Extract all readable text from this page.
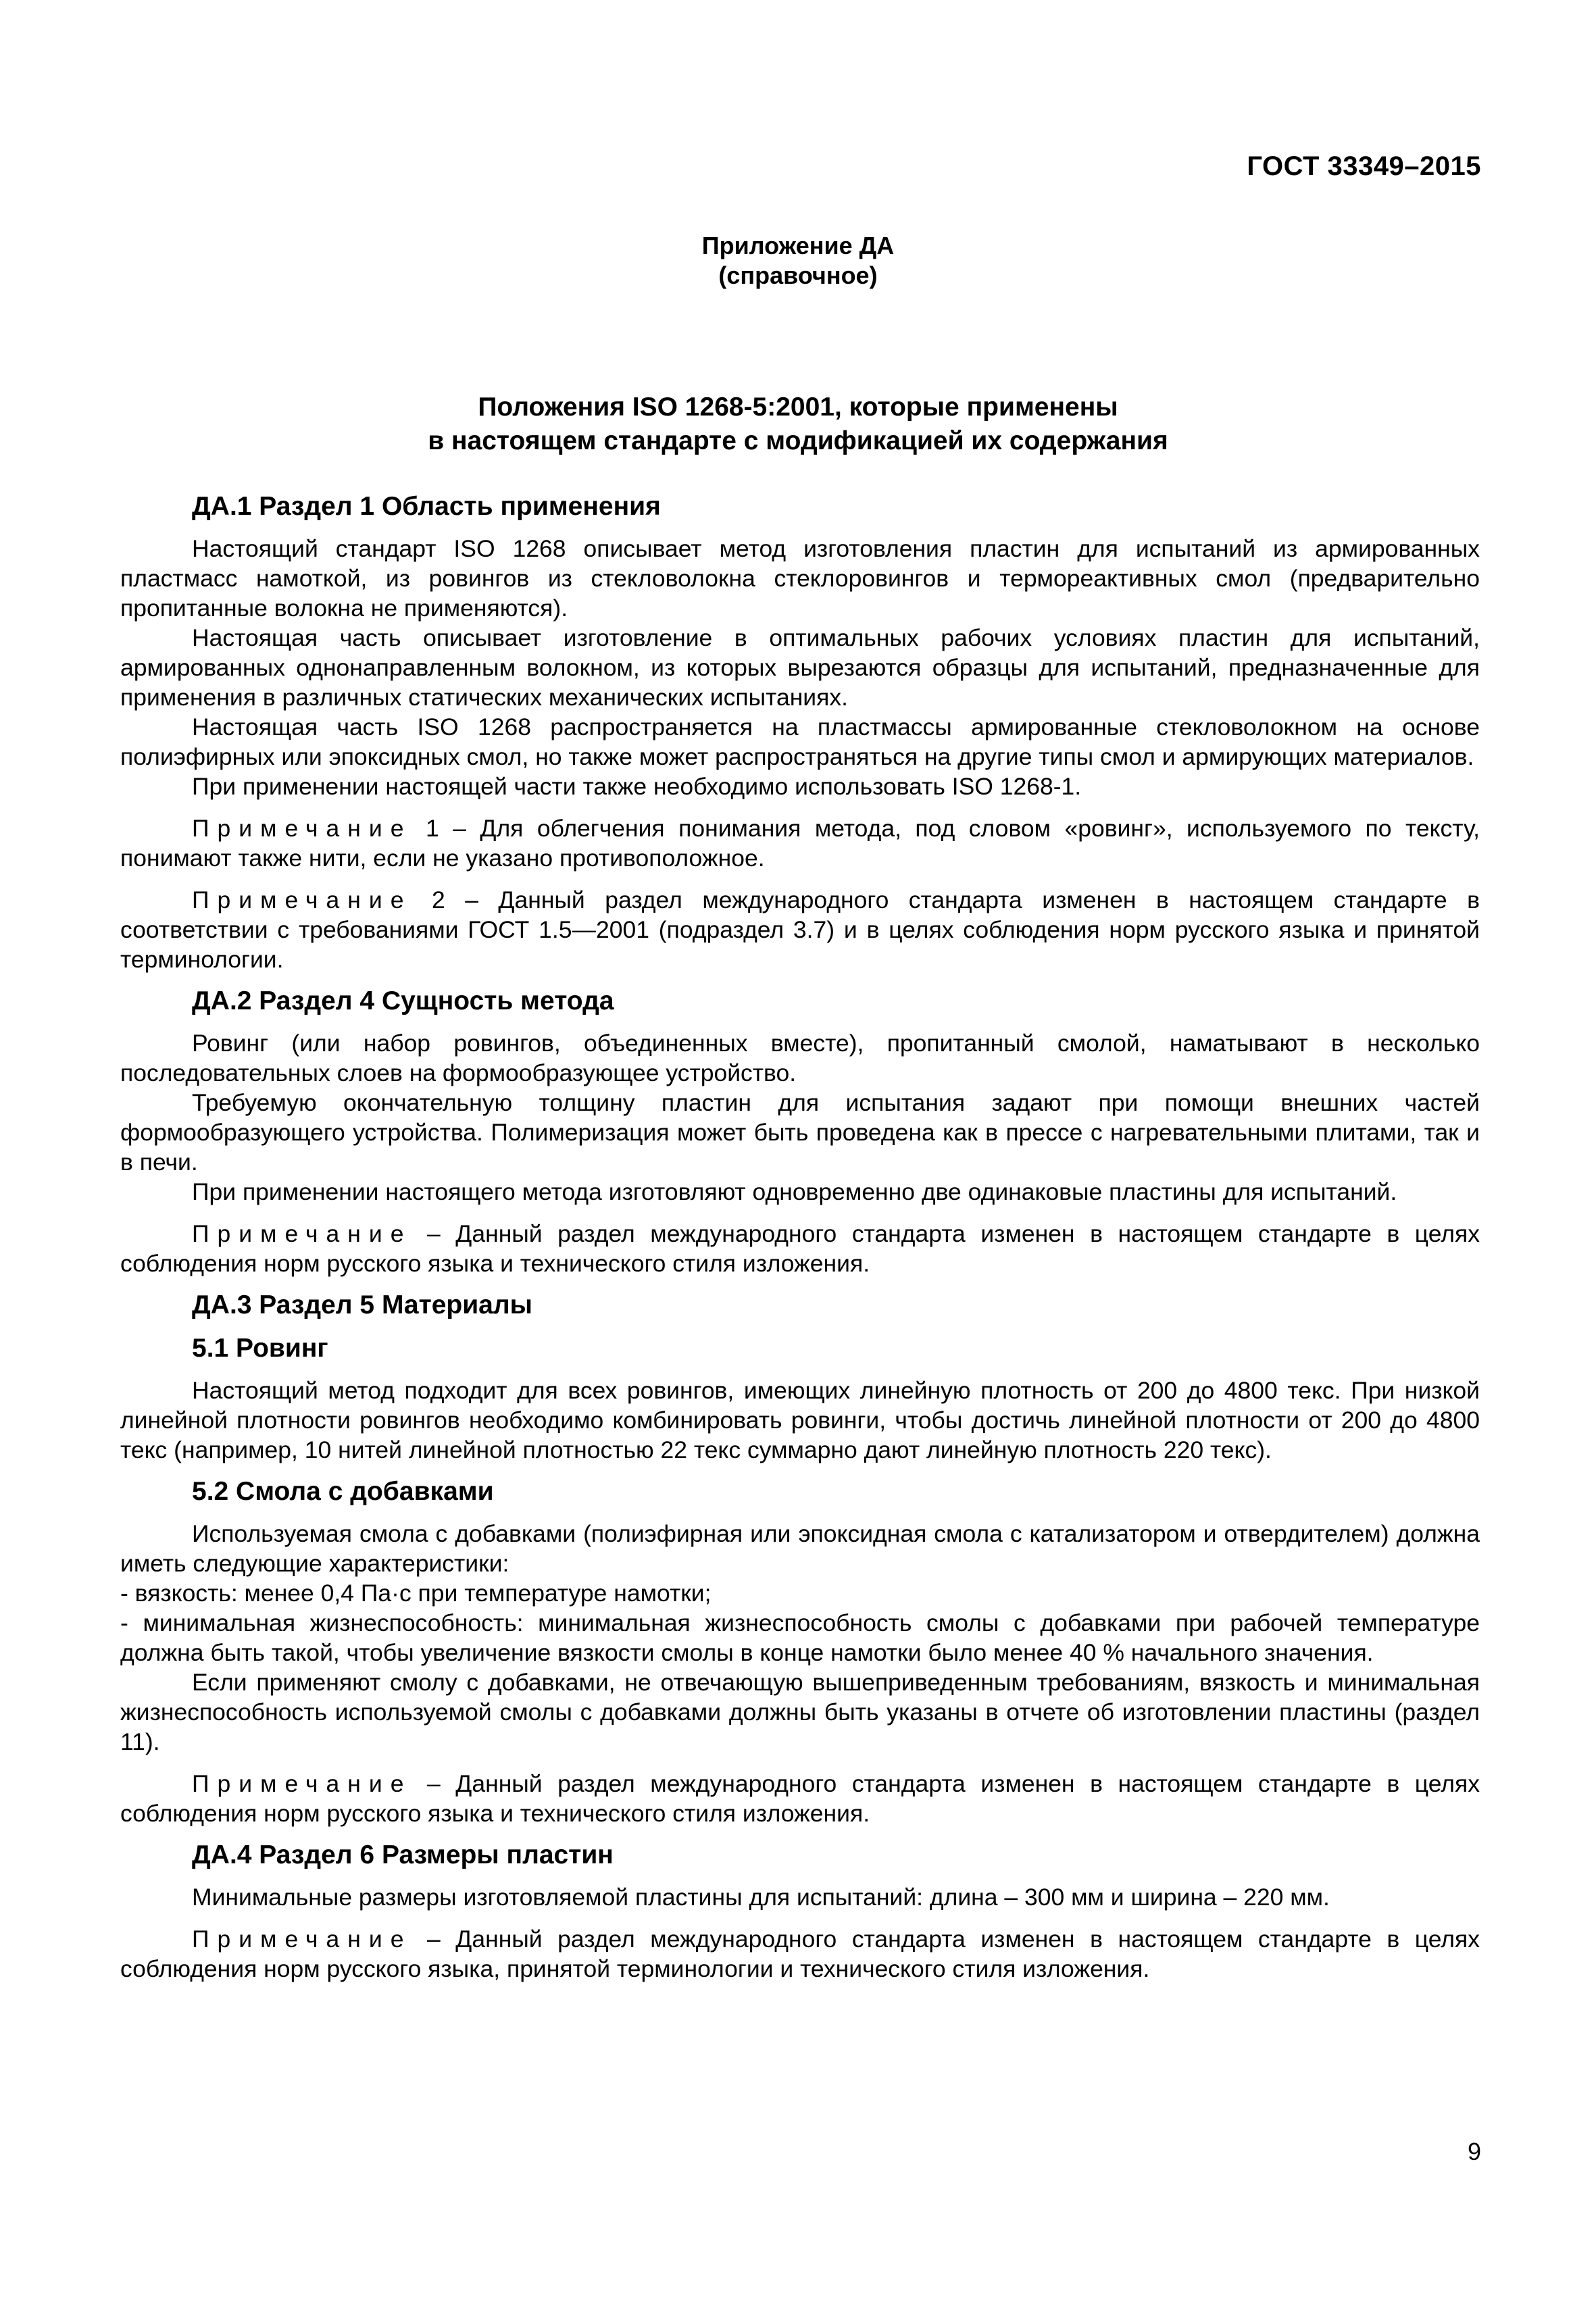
ГОСТ 33349–2015
Приложение ДА
(справочное)
Положения ISO 1268-5:2001, которые применены
в настоящем стандарте с модификацией их содержания
ДА.1 Раздел 1 Область применения

Настоящий стандарт ISO 1268 описывает метод изготовления пластин для испытаний из армированных пластмасс намоткой, из ровингов из стекловолокна стеклоровингов и термореактивных смол (предварительно пропитанные волокна не применяются).

Настоящая часть описывает изготовление в оптимальных рабочих условиях пластин для испытаний, армированных однонаправленным волокном, из которых вырезаются образцы для испытаний, предназначенные для применения в различных статических механических испытаниях.

Настоящая часть ISO 1268 распространяется на пластмассы армированные стекловолокном на основе полиэфирных или эпоксидных смол, но также может распространяться на другие типы смол и армирующих материалов.

При применении настоящей части также необходимо использовать ISO 1268-1.

Примечание 1 – Для облегчения понимания метода, под словом «ровинг», используемого по тексту, понимают также нити, если не указано противоположное.

Примечание 2 – Данный раздел международного стандарта изменен в настоящем стандарте в соответствии с требованиями ГОСТ 1.5—2001 (подраздел 3.7) и в целях соблюдения норм русского языка и принятой терминологии.

ДА.2 Раздел 4 Сущность метода

Ровинг (или набор ровингов, объединенных вместе), пропитанный смолой, наматывают в несколько последовательных слоев на формообразующее устройство.

Требуемую окончательную толщину пластин для испытания задают при помощи внешних частей формообразующего устройства. Полимеризация может быть проведена как в прессе с нагревательными плитами, так и в печи.

При применении настоящего метода изготовляют одновременно две одинаковые пластины для испытаний.

Примечание – Данный раздел международного стандарта изменен в настоящем стандарте в целях соблюдения норм русского языка и технического стиля изложения.

ДА.3 Раздел 5 Материалы
5.1 Ровинг

Настоящий метод подходит для всех ровингов, имеющих линейную плотность от 200 до 4800 текс. При низкой линейной плотности ровингов необходимо комбинировать ровинги, чтобы достичь линейной плотности от 200 до 4800 текс (например, 10 нитей линейной плотностью 22 текс суммарно дают линейную плотность 220 текс).

5.2 Смола с добавками

Используемая смола с добавками (полиэфирная или эпоксидная смола с катализатором и отвердителем) должна иметь следующие характеристики:

- вязкость: менее 0,4 Па·с при температуре намотки;

- минимальная жизнеспособность: минимальная жизнеспособность смолы с добавками при рабочей температуре должна быть такой, чтобы увеличение вязкости смолы в конце намотки было менее 40 % начального значения.

Если применяют смолу с добавками, не отвечающую вышеприведенным требованиям, вязкость и минимальная жизнеспособность используемой смолы с добавками должны быть указаны в отчете об изготовлении пластины (раздел 11).

Примечание – Данный раздел международного стандарта изменен в настоящем стандарте в целях соблюдения норм русского языка и технического стиля изложения.

ДА.4 Раздел 6 Размеры пластин

Минимальные размеры изготовляемой пластины для испытаний: длина – 300 мм и ширина – 220 мм.

Примечание – Данный раздел международного стандарта изменен в настоящем стандарте в целях соблюдения норм русского языка, принятой терминологии и технического стиля изложения.

9
